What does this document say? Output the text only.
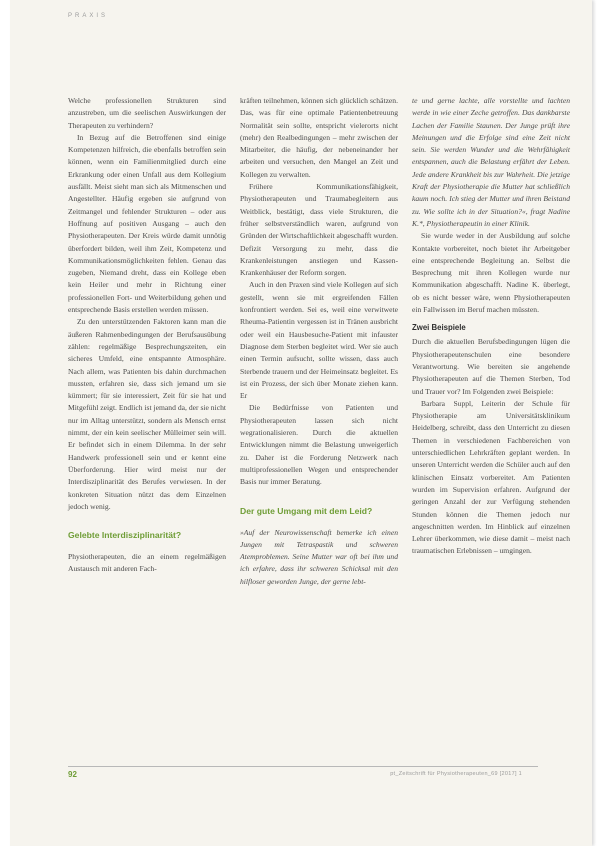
PRAXIS

Welche professionellen Strukturen sind anzustreben, um die seelischen Auswirkungen der Therapeuten zu verhindern?

In Bezug auf die Betroffenen sind einige Kompetenzen hilfreich, die ebenfalls betroffen sein können, wenn ein Familienmitglied durch eine Erkrankung oder einen Unfall aus dem Kollegium ausfällt. Meist sieht man sich als Mitmenschen und Angestellter. Häufig ergeben sie aufgrund von Zeitmangel und fehlender Strukturen – oder aus Hoffnung auf positiven Ausgang – auch den Physiotherapeuten. Der Kreis würde damit unnötig überfordert bilden, weil ihm Zeit, Kompetenz und Kommunikationsmöglichkeiten fehlen. Genau das zugeben, Niemand dreht, dass ein Kollege eben kein Heiler und mehr in Richtung einer professionellen Fort- und Weiterbildung gehen und entsprechende Basis erstellen werden müssen.

Zu den unterstützenden Faktoren kann man die äußeren Rahmenbedingungen der Berufsausübung zählen: regelmäßige Besprechungszeiten, ein sicheres Umfeld, eine entspannte Atmosphäre. Nach allem, was Patienten bis dahin durchmachen mussten, erfahren sie, dass sich jemand um sie kümmert; für sie interessiert, Zeit für sie hat und Mitgefühl zeigt. Endlich ist jemand da, der sie nicht nur im Alltag unterstützt, sondern als Mensch ernst nimmt, der ein kein seelischer Mülleimer sein will. Er befindet sich in einem Dilemma. In der sehr Handwerk professionell sein und er kennt eine Überforderung. Hier wird meist nur der Interdisziplinarität des Berufes verwiesen. In der konkreten Situation nützt das dem Einzelnen jedoch wenig.

Gelebte Interdisziplinarität?

Physiotherapeuten, die an einem regelmäßigen Austausch mit anderen Fach-

kräften teilnehmen, können sich glücklich schätzen. Das, was für eine optimale Patientenbetreuung Normalität sein sollte, entspricht vielerorts nicht (mehr) den Realbedingungen – mehr zwischen der Mitarbeiter, die häufig, der nebeneinander her arbeiten und versuchen, den Mangel an Zeit und Kollegen zu verwalten.

Frühere Kommunikationsfähigkeit, Physiotherapeuten und Traumabegleitern aus Weitblick, bestätigt, dass viele Strukturen, die früher selbstverständlich waren, aufgrund von Gründen der Wirtschaftlichkeit abgeschafft wurden. Defizit Versorgung zu mehr, dass die Krankenleistungen anstiegen und Kassen-Krankenhäuser der Reform sorgen.

Auch in den Praxen sind viele Kollegen auf sich gestellt, wenn sie mit ergreifenden Fällen konfrontiert werden. Sei es, weil eine verwitwete Rheuma-Patientin vergessen ist in Tränen ausbricht oder weil ein Hausbesuche-Patient mit infauster Diagnose dem Sterben begleitet wird. Wer sie auch einen Termin aufsucht, sollte wissen, dass auch Sterbende trauern und der Heimeinsatz begleitet. Es ist ein Prozess, der sich über Monate ziehen kann. Er

Die Bedürfnisse von Patienten und Physiotherapeuten lassen sich nicht wegrationalisieren. Durch die aktuellen Entwicklungen nimmt die Belastung unweigerlich zu. Daher ist die Forderung Netzwerk nach multiprofessionellen Wegen und entsprechender Basis nur immer Beratung.

Der gute Umgang mit dem Leid?

»Auf der Neurowissenschaft bemerke ich einen Jungen mit Tetraspastik und schweren Atemproblemen. Seine Mutter war oft bei ihm und ich erfahre, dass ihr schweren Schicksal mit den hilfloser geworden Junge, der gerne lebt-

te und gerne lachte, alle vorstellte und lachten werde in wie einer Zeche getroffen. Das dankbarste Lachen der Familie Staunen. Der Junge prüft ihre Meinungen und die Erfolge sind eine Zeit nicht sein. Sie werden Wunder und die Wehrfähigkeit entspannen, auch die Belastung erfährt der Leben. Jede andere Krankheit bis zur Wahrheit. Die jetzige Kraft der Physiotherapie die Mutter hat schließlich kaum noch. Ich stieg der Mutter und ihren Beistand zu. Wie sollte ich in der Situation?«, fragt Nadine K.*, Physiotherapeutin in einer Klinik.

Sie wurde weder in der Ausbildung auf solche Kontakte vorbereitet, noch bietet ihr Arbeitgeber eine entsprechende Begleitung an. Selbst die Besprechung mit ihren Kollegen wurde nur Kommunikation abgeschafft. Nadine K. überlegt, ob es nicht besser wäre, wenn Physiotherapeuten ein Fallwissen im Beruf machen müssten.

Zwei Beispiele

Durch die aktuellen Berufsbedingungen lügen die Physiotherapeutenschulen eine besondere Verantwortung. Wie bereiten sie angehende Physiotherapeuten auf die Themen Sterben, Tod und Trauer vor? Im Folgenden zwei Beispiele:

Barbara Suppl, Leiterin der Schule für Physiotherapie am Universitätsklinikum Heidelberg, schreibt, dass den Unterricht zu diesen Themen in verschiedenen Fachbereichen von unterschiedlichen Lehrkräften geplant werden. In unseren Unterricht werden die Schüler auch auf den klinischen Einsatz vorbereitet. Am Patienten wurden im Supervision erfahren. Aufgrund der geringen Anzahl der zur Verfügung stehenden Stunden können die Themen jedoch nur angeschnitten werden. Im Hinblick auf einzelnen Lehrer überkommen, wie diese damit – meist nach traumatischen Erlebnissen – umgingen.

92	pt_Zeitschrift für Physiotherapeuten_69 [2017] 1
